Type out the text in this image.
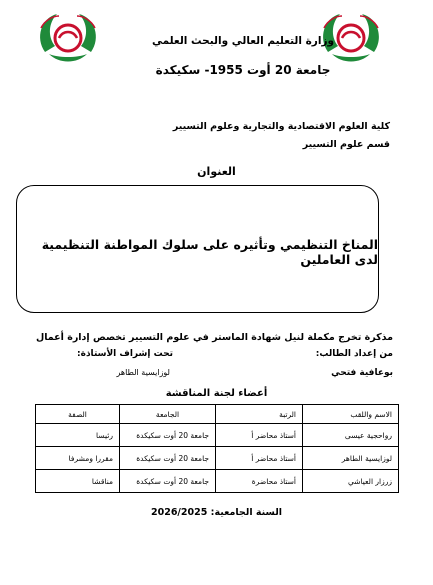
وزارة التعليم العالي والبحث العلمي
جامعة 20 أوت 1955- سكيكدة
كلية العلوم الاقتصادية والتجارية وعلوم التسيير
قسم علوم التسيير
العنوان
المناخ التنظيمي وتأثيره على سلوك المواطنة التنظيمية لدى العاملين
مذكرة تخرج مكملة لنيل شهادة الماستر في علوم التسيير تخصص إدارة أعمال
من إعداد الطالب:
تحت إشراف الأستاذة:
بوعافية فتحي
لوزايسية الطاهر
أعضاء لجنة المناقشة
الاسم واللقب	الرتبة	الجامعة	الصفة
رواحجية عيسى	أستاذ محاضر أ	جامعة 20 أوت سكيكدة	رئيسا
لوزايسية الطاهر	أستاذ محاضر أ	جامعة 20 أوت سكيكدة	مقررا ومشرفا
زرزار العياشي	أستاذ محاضرة	جامعة 20 أوت سكيكدة	مناقشا
السنة الجامعية: 2026/2025
